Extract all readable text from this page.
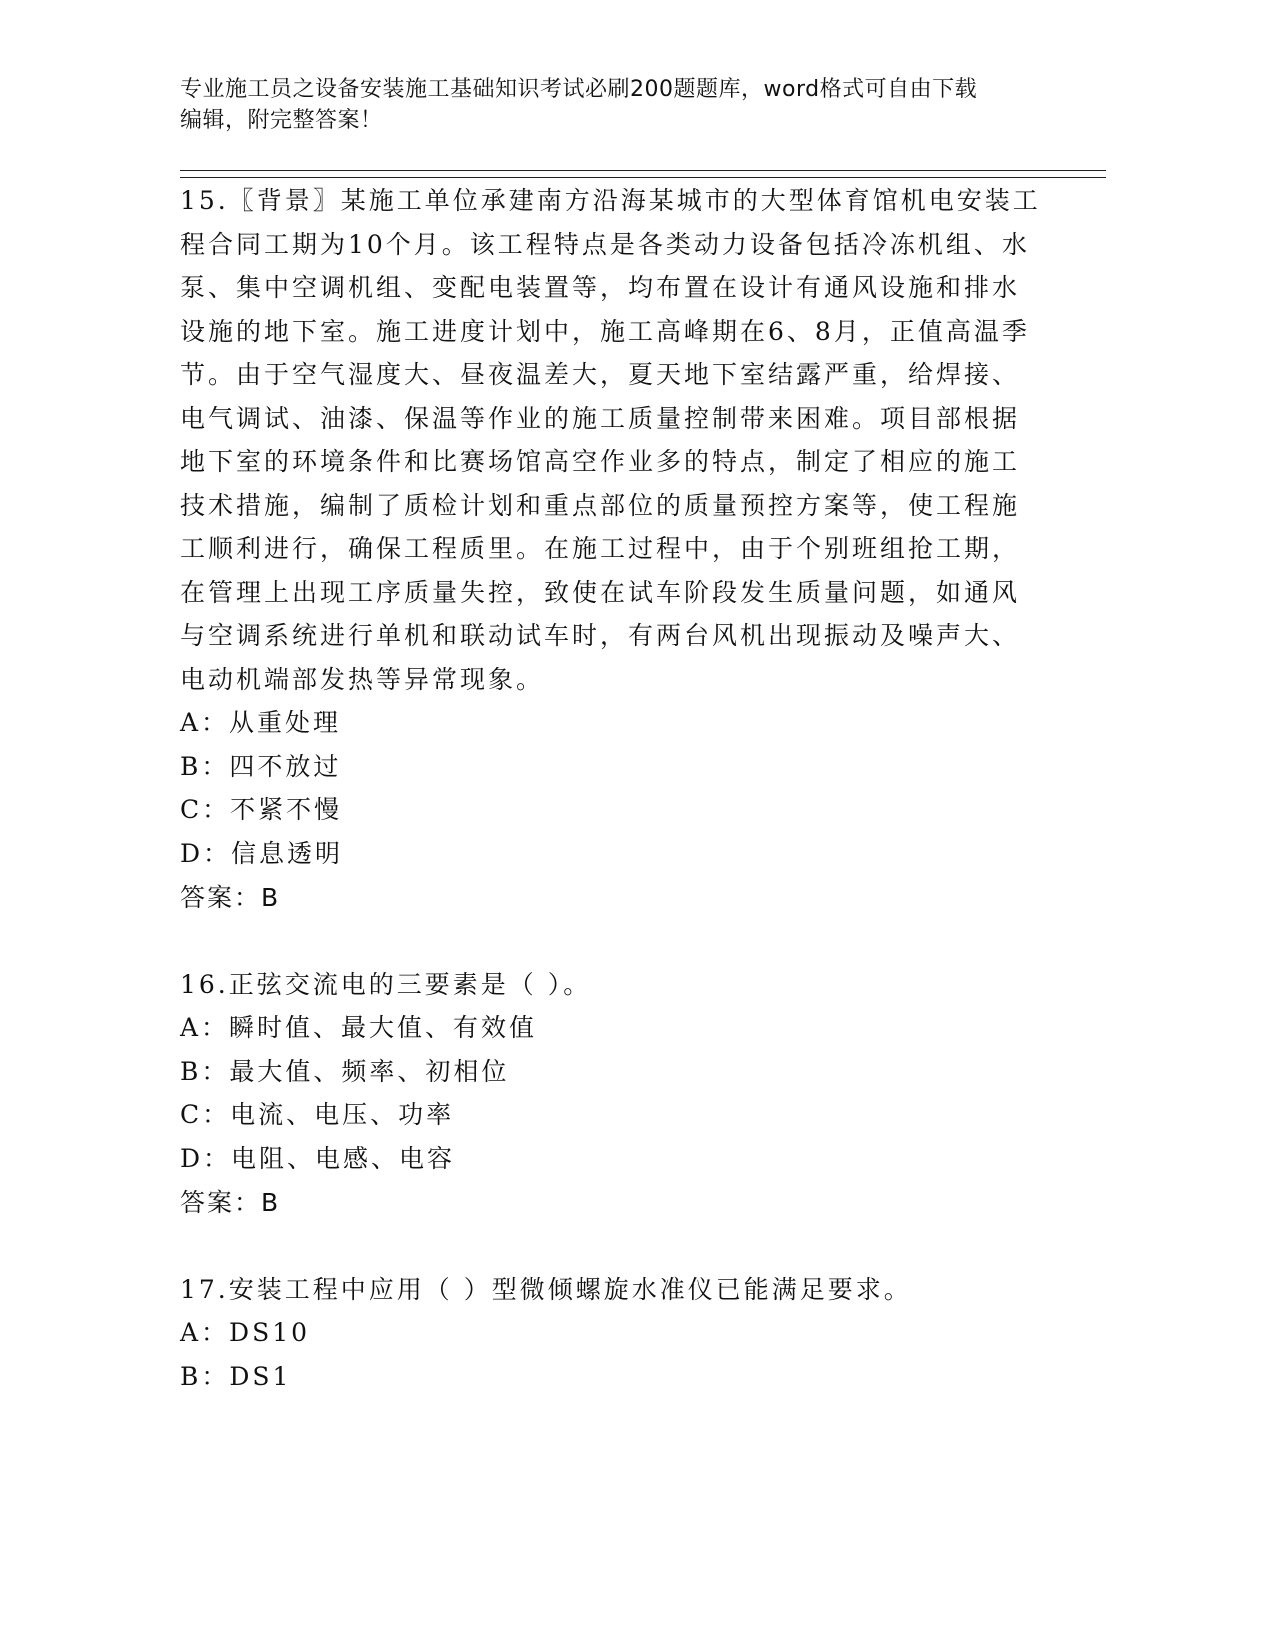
专业施工员之设备安装施工基础知识考试必刷200题题库，word格式可自由下载
编辑，附完整答案！
15.〖背景〗某施工单位承建南方沿海某城市的大型体育馆机电安装工
程合同工期为10个月。该工程特点是各类动力设备包括冷冻机组、水
泵、集中空调机组、变配电装置等，均布置在设计有通风设施和排水
设施的地下室。施工进度计划中，施工高峰期在6、8月，正值高温季
节。由于空气湿度大、昼夜温差大，夏天地下室结露严重，给焊接、
电气调试、油漆、保温等作业的施工质量控制带来困难。项目部根据
地下室的环境条件和比赛场馆高空作业多的特点，制定了相应的施工
技术措施，编制了质检计划和重点部位的质量预控方案等，使工程施
工顺利进行，确保工程质里。在施工过程中，由于个别班组抢工期，
在管理上出现工序质量失控，致使在试车阶段发生质量问题，如通风
与空调系统进行单机和联动试车时，有两台风机出现振动及噪声大、
电动机端部发热等异常现象。
A：从重处理
B：四不放过
C：不紧不慢
D：信息透明
答案：B
16.正弦交流电的三要素是（ ）。
A：瞬时值、最大值、有效值
B：最大值、频率、初相位
C：电流、电压、功率
D：电阻、电感、电容
答案：B
17.安装工程中应用（ ）型微倾螺旋水准仪已能满足要求。
A：DS10
B：DS1
